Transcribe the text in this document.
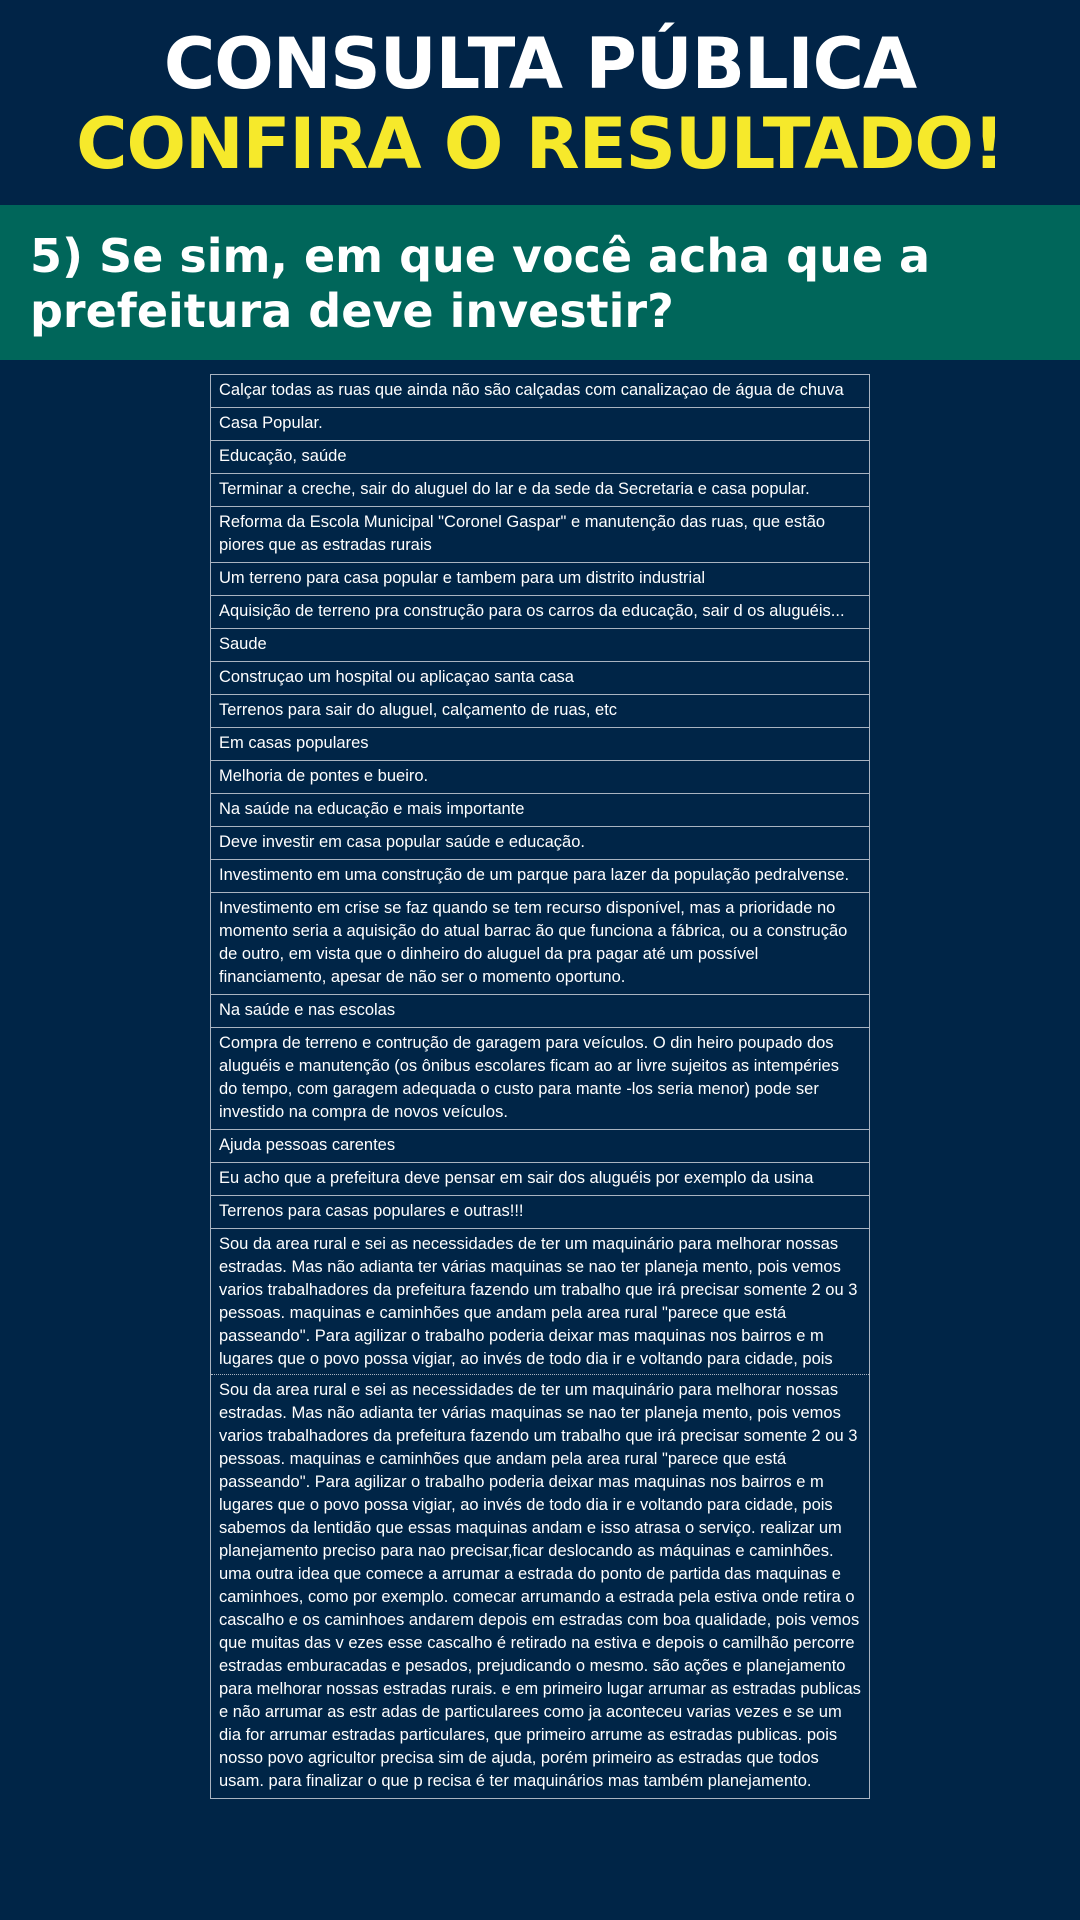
CONSULTA PÚBLICA
CONFIRA O RESULTADO!
5) Se sim, em que você acha que a prefeitura deve investir?
Calçar todas as ruas que ainda não são calçadas com canalizaçao de água de chuva
Casa Popular.
Educação, saúde
Terminar a creche, sair do aluguel do lar e da sede da Secretaria e casa popular.
Reforma da Escola Municipal "Coronel Gaspar" e manutenção das ruas, que estão piores que as estradas rurais
Um terreno para casa popular e tambem para um distrito industrial
Aquisição de terreno pra construção para os carros da educação, sair d os aluguéis...
Saude
Construçao um hospital ou aplicaçao santa casa
Terrenos para sair do aluguel, calçamento de ruas, etc
Em casas populares
Melhoria de pontes e bueiro.
Na saúde na educação e mais importante
Deve investir em casa popular saúde e educação.
Investimento em uma construção de um parque para lazer da população pedralvense.
Investimento em crise se faz quando se tem recurso disponível, mas a prioridade no momento seria a aquisição do atual barrac ão que funciona a fábrica, ou a construção de outro, em vista que o dinheiro do aluguel da pra pagar até um possível financiamento, apesar de não ser o momento oportuno.
Na saúde e nas escolas
Compra de terreno e contrução de garagem para veículos. O din heiro poupado dos aluguéis e manutenção (os ônibus escolares ficam ao ar livre sujeitos as intempéries do tempo, com garagem adequada o custo para mante -los seria menor) pode ser investido na compra de novos veículos.
Ajuda pessoas carentes
Eu acho que a prefeitura deve pensar em sair dos aluguéis por exemplo da usina
Terrenos para casas populares e outras!!!
Sou da area rural e sei as necessidades de ter um maquinário para melhorar nossas estradas. Mas não adianta ter várias maquinas se nao ter planeja mento, pois vemos varios trabalhadores da prefeitura fazendo um trabalho que irá precisar somente 2 ou 3 pessoas. maquinas e caminhões que andam pela area rural "parece que está passeando". Para agilizar o trabalho poderia deixar mas maquinas nos bairros e m lugares que o povo possa vigiar, ao invés de todo dia ir e voltando para cidade, pois
Sou da area rural e sei as necessidades de ter um maquinário para melhorar nossas estradas. Mas não adianta ter várias maquinas se nao ter planeja mento, pois vemos varios trabalhadores da prefeitura fazendo um trabalho que irá precisar somente 2 ou 3 pessoas. maquinas e caminhões que andam pela area rural "parece que está passeando". Para agilizar o trabalho poderia deixar mas maquinas nos bairros e m lugares que o povo possa vigiar, ao invés de todo dia ir e voltando para cidade, pois sabemos da lentidão que essas maquinas andam e isso atrasa o serviço. realizar um planejamento preciso para nao precisar,ficar deslocando as máquinas e caminhões. uma outra idea que comece a arrumar a estrada do ponto de partida das maquinas e caminhoes, como por exemplo. comecar arrumando a estrada pela estiva onde retira o cascalho e os caminhoes andarem depois em estradas com boa qualidade, pois vemos que muitas das v ezes esse cascalho é retirado na estiva e depois o camilhão percorre estradas emburacadas e pesados, prejudicando o mesmo. são ações e planejamento para melhorar nossas estradas rurais. e em primeiro lugar arrumar as estradas publicas e não arrumar as estr adas de particularees como ja aconteceu varias vezes e se um dia for arrumar estradas particulares, que primeiro arrume as estradas publicas. pois nosso povo agricultor precisa sim de ajuda, porém primeiro as estradas que todos usam. para finalizar o que p recisa é ter maquinários mas também planejamento.
